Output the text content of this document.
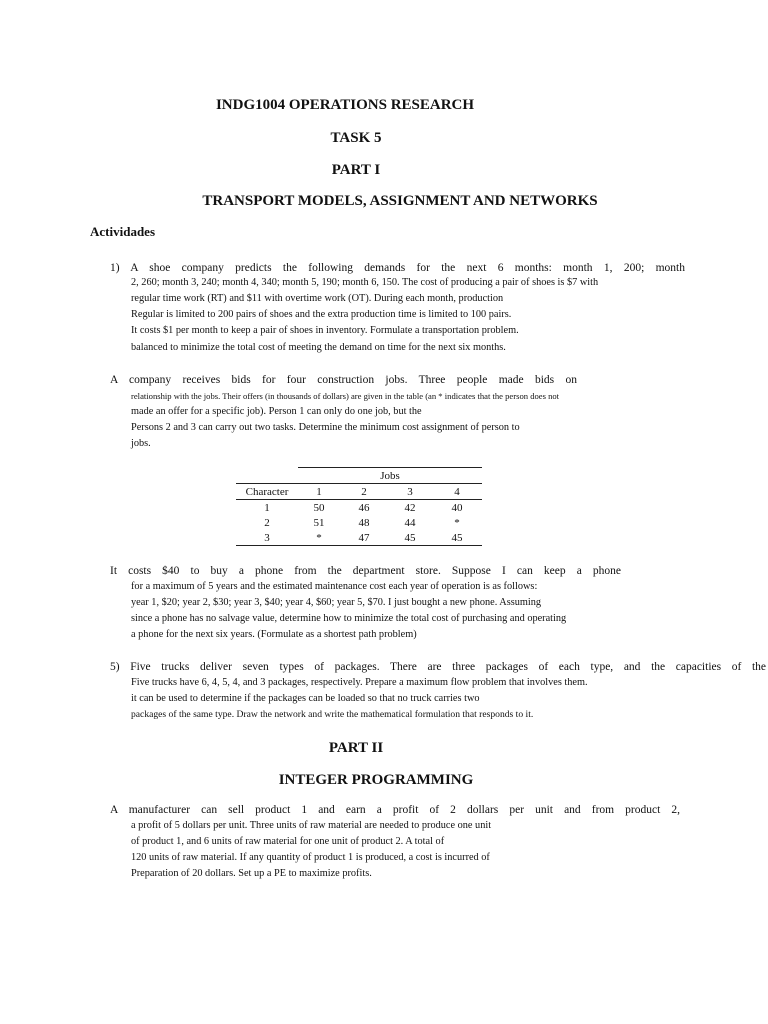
INDG1004 OPERATIONS RESEARCH
TASK 5
PART I
TRANSPORT MODELS, ASSIGNMENT AND NETWORKS
Actividades
1) A shoe company predicts the following demands for the next 6 months: month 1, 200; month
2, 260; month 3, 240; month 4, 340; month 5, 190; month 6, 150. The cost of producing a pair of shoes is $7 with
regular time work (RT) and $11 with overtime work (OT). During each month, production
Regular is limited to 200 pairs of shoes and the extra production time is limited to 100 pairs.
It costs $1 per month to keep a pair of shoes in inventory. Formulate a transportation problem.
balanced to minimize the total cost of meeting the demand on time for the next six months.
A company receives bids for four construction jobs. Three people made bids on
relationship with the jobs. Their offers (in thousands of dollars) are given in the table (an * indicates that the person does not
made an offer for a specific job). Person 1 can only do one job, but the
Persons 2 and 3 can carry out two tasks. Determine the minimum cost assignment of person to
jobs.
	Jobs			
Character	1	2	3	4
1	50	46	42	40
2	51	48	44	*
3	*	47	45	45
It costs $40 to buy a phone from the department store. Suppose I can keep a phone
for a maximum of 5 years and the estimated maintenance cost each year of operation is as follows:
year 1, $20; year 2, $30; year 3, $40; year 4, $60; year 5, $70. I just bought a new phone. Assuming
since a phone has no salvage value, determine how to minimize the total cost of purchasing and operating
a phone for the next six years. (Formulate as a shortest path problem)
5) Five trucks deliver seven types of packages. There are three packages of each type, and the capacities of the
Five trucks have 6, 4, 5, 4, and 3 packages, respectively. Prepare a maximum flow problem that involves them.
it can be used to determine if the packages can be loaded so that no truck carries two
packages of the same type. Draw the network and write the mathematical formulation that responds to it.
PART II
INTEGER PROGRAMMING
A manufacturer can sell product 1 and earn a profit of 2 dollars per unit and from product 2,
a profit of 5 dollars per unit. Three units of raw material are needed to produce one unit
of product 1, and 6 units of raw material for one unit of product 2. A total of
120 units of raw material. If any quantity of product 1 is produced, a cost is incurred of
Preparation of 20 dollars. Set up a PE to maximize profits.
